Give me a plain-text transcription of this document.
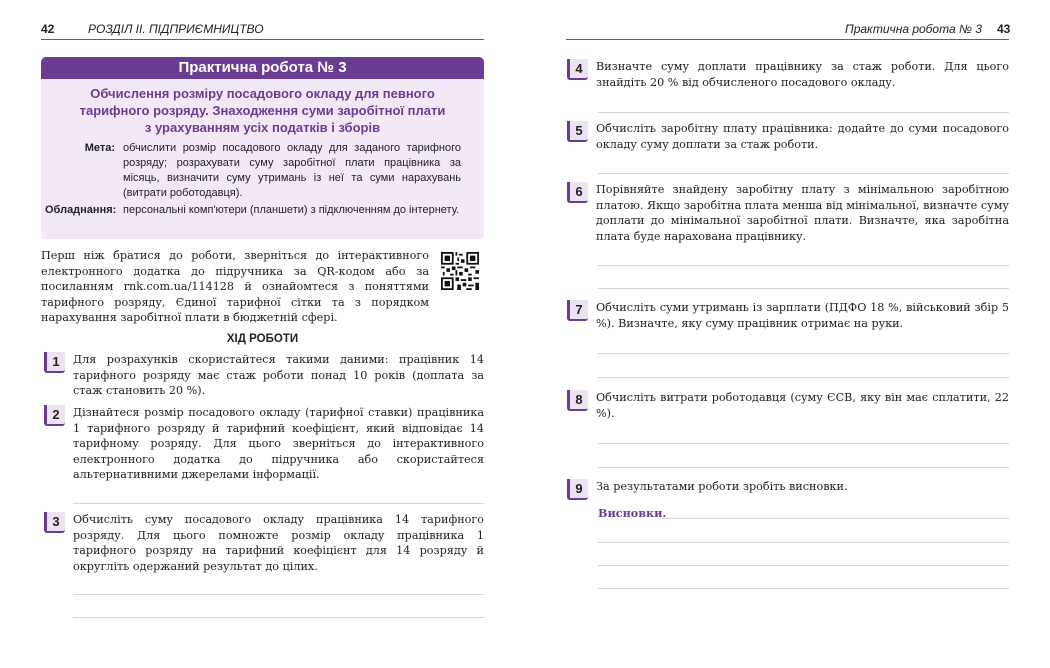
42	РОЗДІЛ ІІ. ПІДПРИЄМНИЦТВО
Практична робота № 3
Обчислення розміру посадового окладу для певного
тарифного розряду. Знаходження суми заробітної плати
з урахуванням усіх податків і зборів
Мета: обчислити розмір посадового окладу для заданого тарифного розряду; розрахувати суму заробітної плати працівника за місяць, визначити суму утримань із неї та суми нарахувань (витрати роботодавця).
Обладнання: персональні комп'ютери (планшети) з підключенням до інтернету.
Перш ніж братися до роботи, зверніться до інтерактивного електронного додатка до підручника за QR-кодом або за посиланням rnk.com.ua/114128 й ознайомтеся з поняттями тарифного розряду, Єдиної тарифної сітки та з порядком нарахування заробітної плати в бюджетній сфері.
ХІД РОБОТИ
1	Для розрахунків скористайтеся такими даними: працівник 14 тарифного розряду має стаж роботи понад 10 років (доплата за стаж становить 20 %).
2	Дізнайтеся розмір посадового окладу (тарифної ставки) працівника 1 тарифного розряду й тарифний коефіцієнт, який відповідає 14 тарифному розряду. Для цього зверніться до інтерактивного електронного додатка до підручника або скористайтеся альтернативними джерелами інформації.
3	Обчисліть суму посадового окладу працівника 14 тарифного розряду. Для цього помножте розмір окладу працівника 1 тарифного розряду на тарифний коефіцієнт для 14 розряду й округліть одержаний результат до цілих.
Практична робота № 3 43
4	Визначте суму доплати працівнику за стаж роботи. Для цього знайдіть 20 % від обчисленого посадового окладу.
5	Обчисліть заробітну плату працівника: додайте до суми посадового окладу суму доплати за стаж роботи.
6	Порівняйте знайдену заробітну плату з мінімальною заробітною платою. Якщо заробітна плата менша від мінімальної, визначте суму доплати до мінімальної заробітної плати. Визначте, яка заробітна плата буде нарахована працівнику.
7	Обчисліть суми утримань із зарплати (ПДФО 18 %, військовий збір 5 %). Визначте, яку суму працівник отримає на руки.
8	Обчисліть витрати роботодавця (суму ЄСВ, яку він має сплатити, 22 %).
9	За результатами роботи зробіть висновки.
Висновки.
